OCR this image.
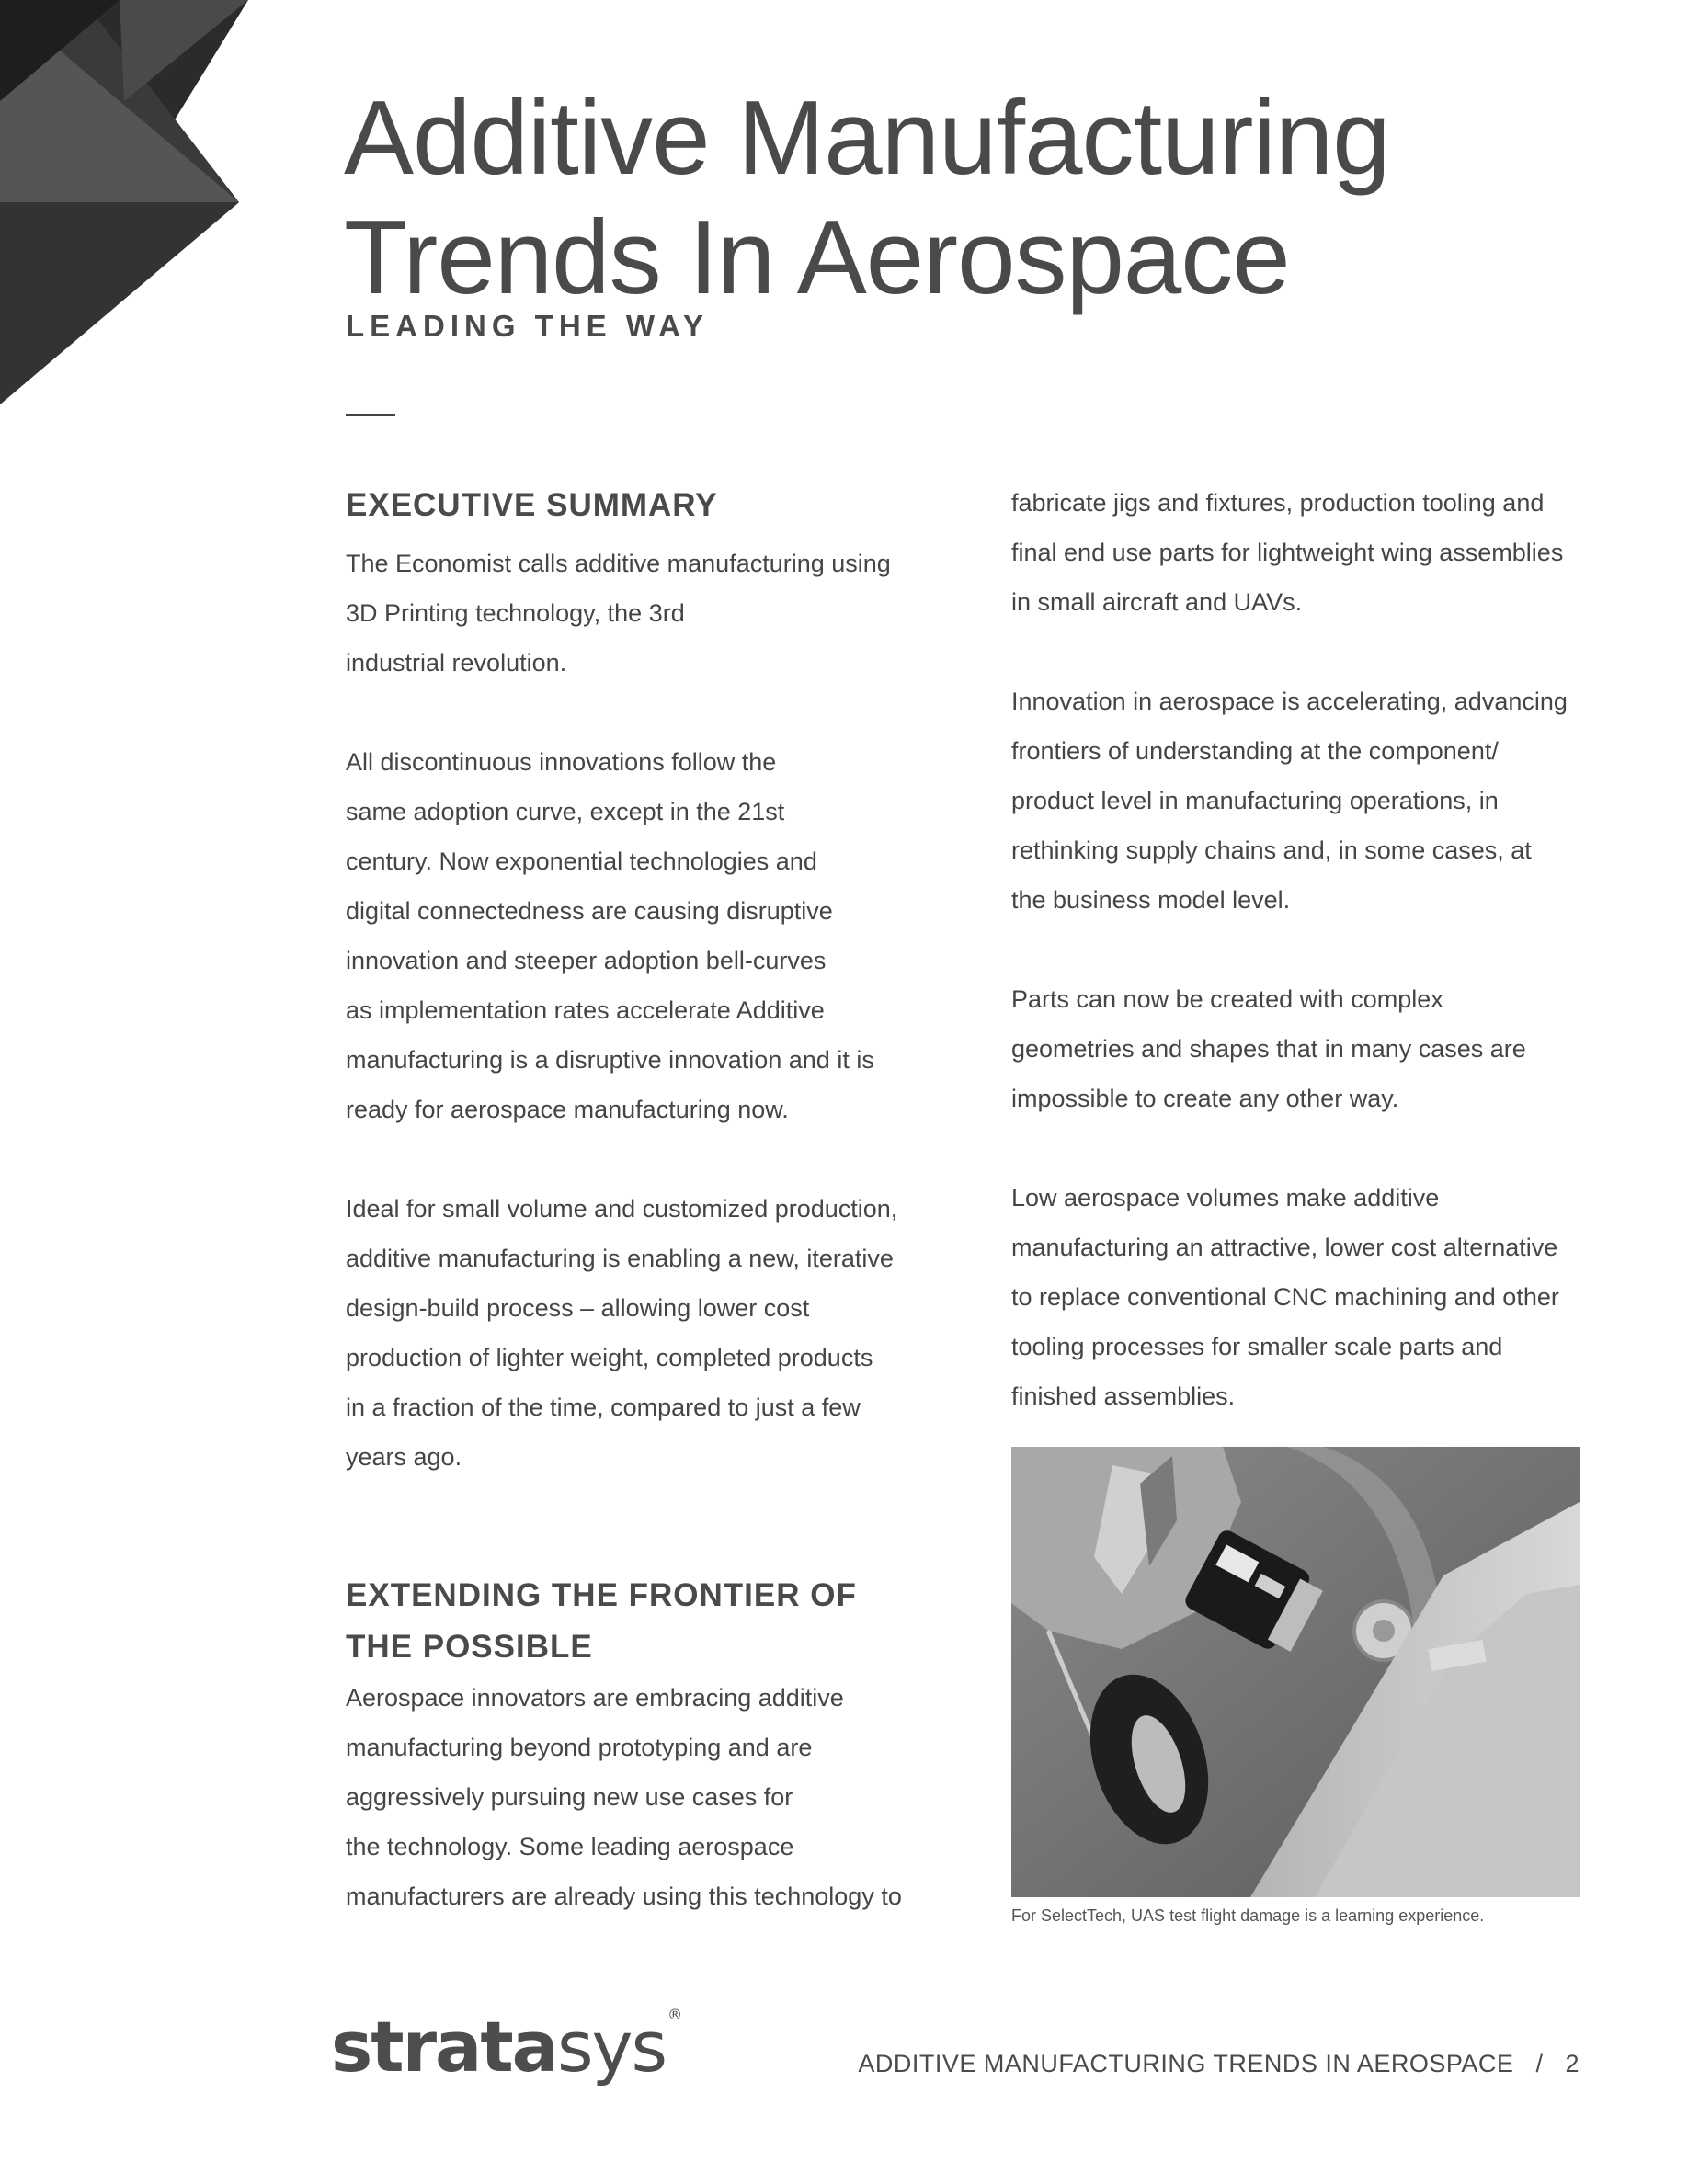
Additive Manufacturing
Trends In Aerospace
LEADING THE WAY
EXECUTIVE SUMMARY

The Economist calls additive manufacturing using

3D Printing technology, the 3rd

industrial revolution.

All discontinuous innovations follow the

same adoption curve, except in the 21st

century. Now exponential technologies and

digital connectedness are causing disruptive

innovation and steeper adoption bell-curves

as implementation rates accelerate Additive

manufacturing is a disruptive innovation and it is

ready for aerospace manufacturing now.

Ideal for small volume and customized production,

additive manufacturing is enabling a new, iterative

design-build process – allowing lower cost

production of lighter weight, completed products

in a fraction of the time, compared to just a few

years ago.

EXTENDING THE FRONTIER OF
THE POSSIBLE

Aerospace innovators are embracing additive

manufacturing beyond prototyping and are

aggressively pursuing new use cases for

the technology. Some leading aerospace

manufacturers are already using this technology to

fabricate jigs and fixtures, production tooling and

final end use parts for lightweight wing assemblies

in small aircraft and UAVs.

Innovation in aerospace is accelerating, advancing

frontiers of understanding at the component/

product level in manufacturing operations, in

rethinking supply chains and, in some cases, at

the business model level.

Parts can now be created with complex

geometries and shapes that in many cases are

impossible to create any other way.

Low aerospace volumes make additive

manufacturing an attractive, lower cost alternative

to replace conventional CNC machining and other

tooling processes for smaller scale parts and

finished assemblies.

For SelectTech, UAS test flight damage is a learning experience.
stratasys ®
ADDITIVE MANUFACTURING TRENDS IN AEROSPACE / 2
